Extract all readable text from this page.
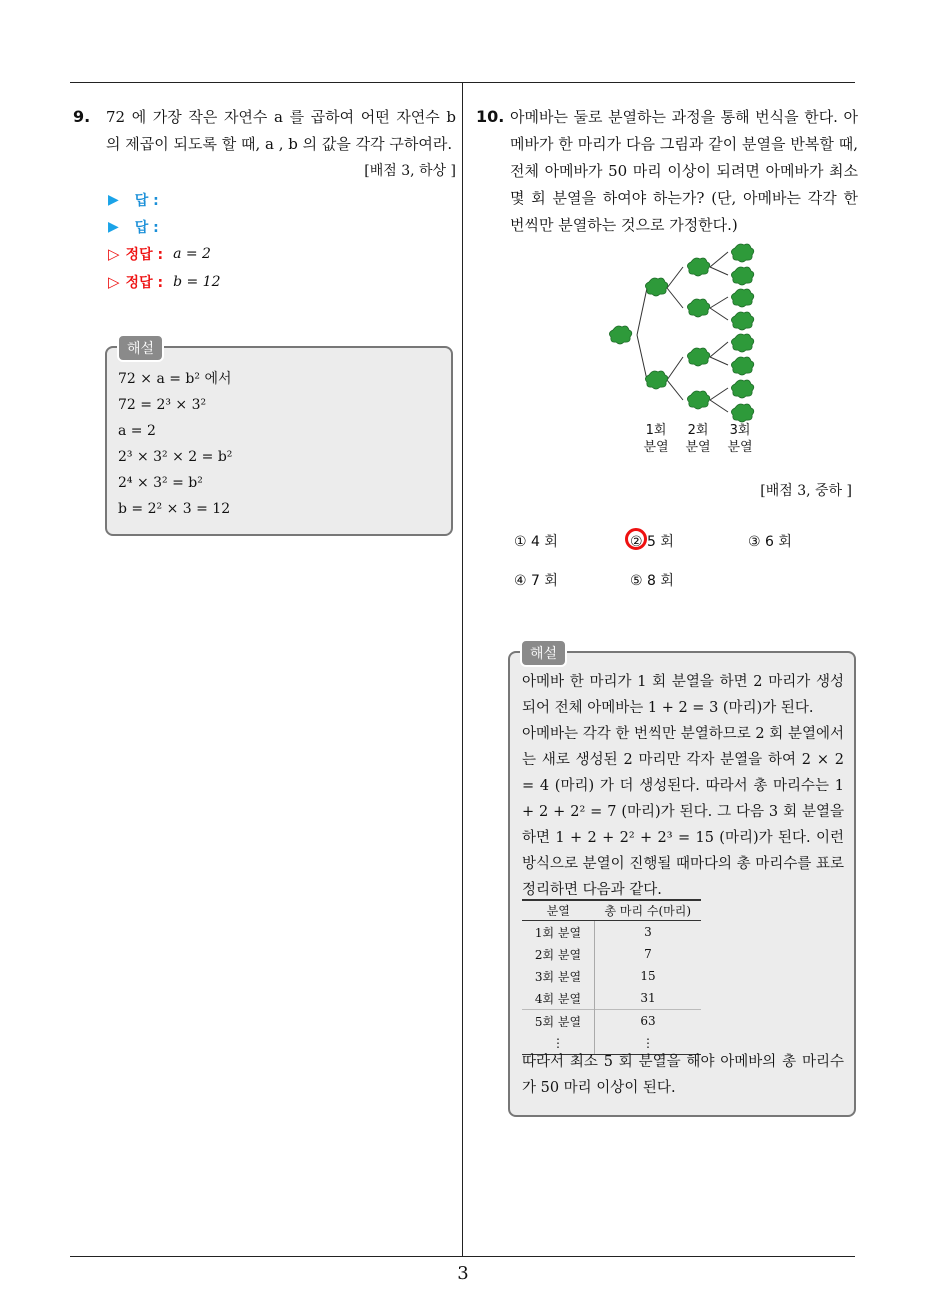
9. 72 에 가장 작은 자연수 a 를 곱하여 어떤 자연수 b 의 제곱이 되도록 할 때, a , b 의 값을 각각 구하여라.
[배점 3, 하상 ]
▶ 답 :
▶ 답 :
▷ 정답 : a = 2
▷ 정답 : b = 12
72 × a = b² 에서
72 = 2³ × 3²
a = 2
2³ × 3² × 2 = b²
2⁴ × 3² = b²
b = 2² × 3 = 12
해설
10. 아메바는 둘로 분열하는 과정을 통해 번식을 한다. 아메바가 한 마리가 다음 그림과 같이 분열을 반복할 때, 전체 아메바가 50 마리 이상이 되려면 아메바가 최소 몇 회 분열을 하여야 하는가? (단, 아메바는 각각 한 번씩만 분열하는 것으로 가정한다.)
1회
분열
2회
분열
3회
분열
[배점 3, 중하 ]
① 4 회	② 5 회	③ 6 회
④ 7 회	⑤ 8 회
아메바 한 마리가 1 회 분열을 하면 2 마리가 생성되어 전체 아메바는 1 + 2 = 3 (마리)가 된다.
아메바는 각각 한 번씩만 분열하므로 2 회 분열에서는 새로 생성된 2 마리만 각자 분열을 하여 2 × 2 = 4 (마리) 가 더 생성된다. 따라서 총 마리수는 1 + 2 + 2² = 7 (마리)가 된다. 그 다음 3 회 분열을 하면 1 + 2 + 2² + 2³ = 15 (마리)가 된다. 이런 방식으로 분열이 진행될 때마다의 총 마리수를 표로 정리하면 다음과 같다.
분열	총 마리 수(마리)
1회 분열	3
2회 분열	7
3회 분열	15
4회 분열	31
5회 분열	63
⋮	⋮
따라서 최소 5 회 분열을 해야 아메바의 총 마리수가 50 마리 이상이 된다.
해설
3
